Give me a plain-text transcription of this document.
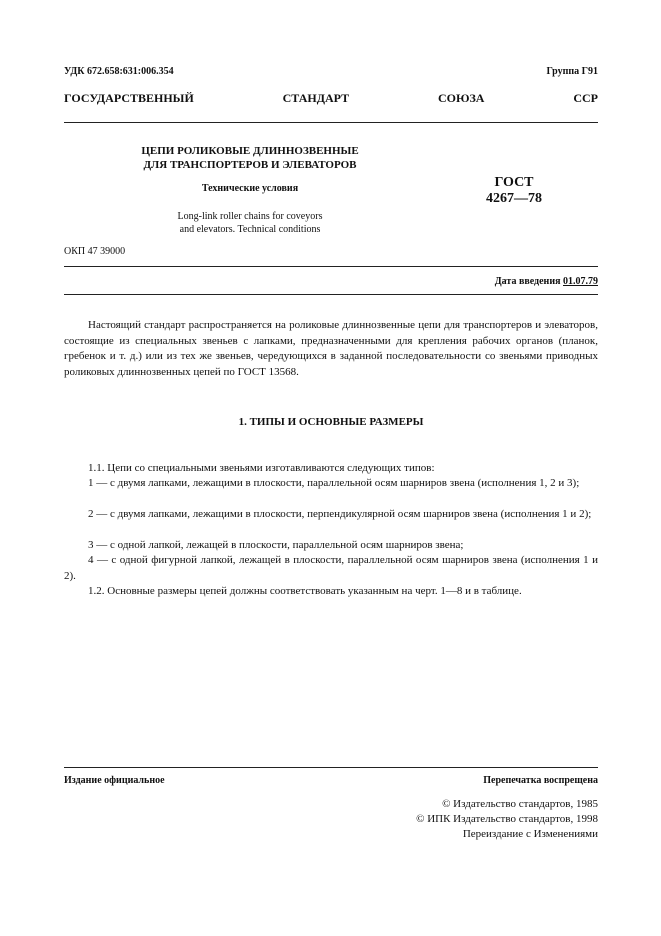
УДК 672.658:631:006.354	Группа Г91
ГОСУДАРСТВЕННЫЙ	СТАНДАРТ	СОЮЗА	ССР
ЦЕПИ РОЛИКОВЫЕ ДЛИННОЗВЕННЫЕ
ДЛЯ ТРАНСПОРТЕРОВ И ЭЛЕВАТОРОВ
Технические условия
Long-link roller chains for coveyors
and elevators. Technical conditions
ГОСТ
4267—78
ОКП 47 39000
Дата введения 01.07.79
Настоящий стандарт распространяется на роликовые длиннозвенные цепи для транспортеров и элеваторов, состоящие из специальных звеньев с лапками, предназначенными для крепления рабочих органов (планок, гребенок и т. д.) или из тех же звеньев, чередующихся в заданной последовательности со звеньями приводных роликовых длиннозвенных цепей по ГОСТ 13568.
1. ТИПЫ И ОСНОВНЫЕ РАЗМЕРЫ
1.1. Цепи со специальными звеньями изготавливаются следующих типов:
1 — с двумя лапками, лежащими в плоскости, параллельной осям шарниров звена (исполнения 1, 2 и 3);
2 — с двумя лапками, лежащими в плоскости, перпендикулярной осям шарниров звена (исполнения 1 и 2);
3 — с одной лапкой, лежащей в плоскости, параллельной осям шарниров звена;
4 — с одной фигурной лапкой, лежащей в плоскости, параллельной осям шарниров звена (исполнения 1 и 2).
1.2. Основные размеры цепей должны соответствовать указанным на черт. 1—8 и в таблице.
Издание официальное	Перепечатка воспрещена
© Издательство стандартов, 1985
© ИПК Издательство стандартов, 1998
Переиздание с Изменениями
